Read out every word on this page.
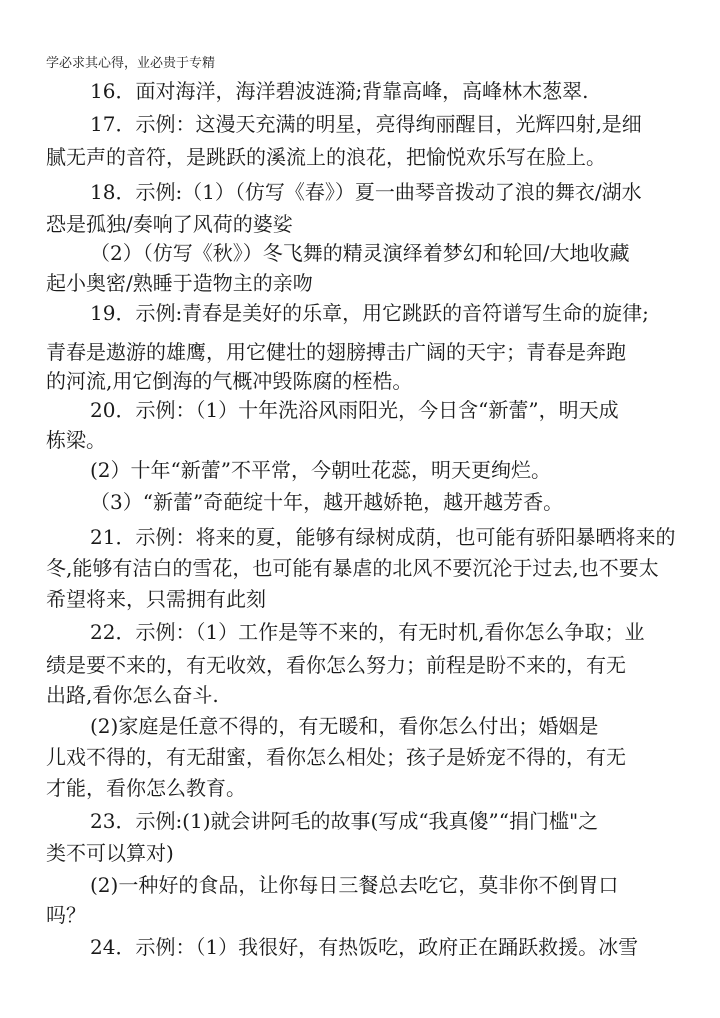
学必求其心得，业必贵于专精
16．面对海洋，海洋碧波涟漪;背靠高峰，高峰林木葱翠.
17．示例：这漫天充满的明星，亮得绚丽醒目，光辉四射,是细
腻无声的音符，是跳跃的溪流上的浪花，把愉悦欢乐写在脸上。
18．示例:（1）（仿写《春》）夏一曲琴音拨动了浪的舞衣/湖水
恐是孤独/奏响了风荷的婆娑
（2）（仿写《秋》）冬飞舞的精灵演绎着梦幻和轮回/大地收藏
起小奥密/熟睡于造物主的亲吻
19．示例:青春是美好的乐章，用它跳跃的音符谱写生命的旋律;
青春是遨游的雄鹰，用它健壮的翅膀搏击广阔的天宇；青春是奔跑
的河流,用它倒海的气概冲毁陈腐的桎梏。
20．示例：（1）十年洗浴风雨阳光，今日含“新蕾”，明天成
栋梁。
(2）十年“新蕾”不平常，今朝吐花蕊，明天更绚烂。
（3）“新蕾”奇葩绽十年，越开越娇艳，越开越芳香。
21．示例：将来的夏，能够有绿树成荫，也可能有骄阳暴晒将来的
冬,能够有洁白的雪花，也可能有暴虐的北风不要沉沦于过去,也不要太
希望将来，只需拥有此刻
22．示例：（1）工作是等不来的，有无时机,看你怎么争取；业
绩是要不来的，有无收效，看你怎么努力；前程是盼不来的，有无
出路,看你怎么奋斗.
(2)家庭是任意不得的，有无暖和，看你怎么付出；婚姻是
儿戏不得的，有无甜蜜，看你怎么相处；孩子是娇宠不得的，有无
才能，看你怎么教育。
23．示例:(1)就会讲阿毛的故事(写成“我真傻”“捐门槛"之
类不可以算对)
(2)一种好的食品，让你每日三餐总去吃它，莫非你不倒胃口
吗？
24．示例：（1）我很好，有热饭吃，政府正在踊跃救援。冰雪
